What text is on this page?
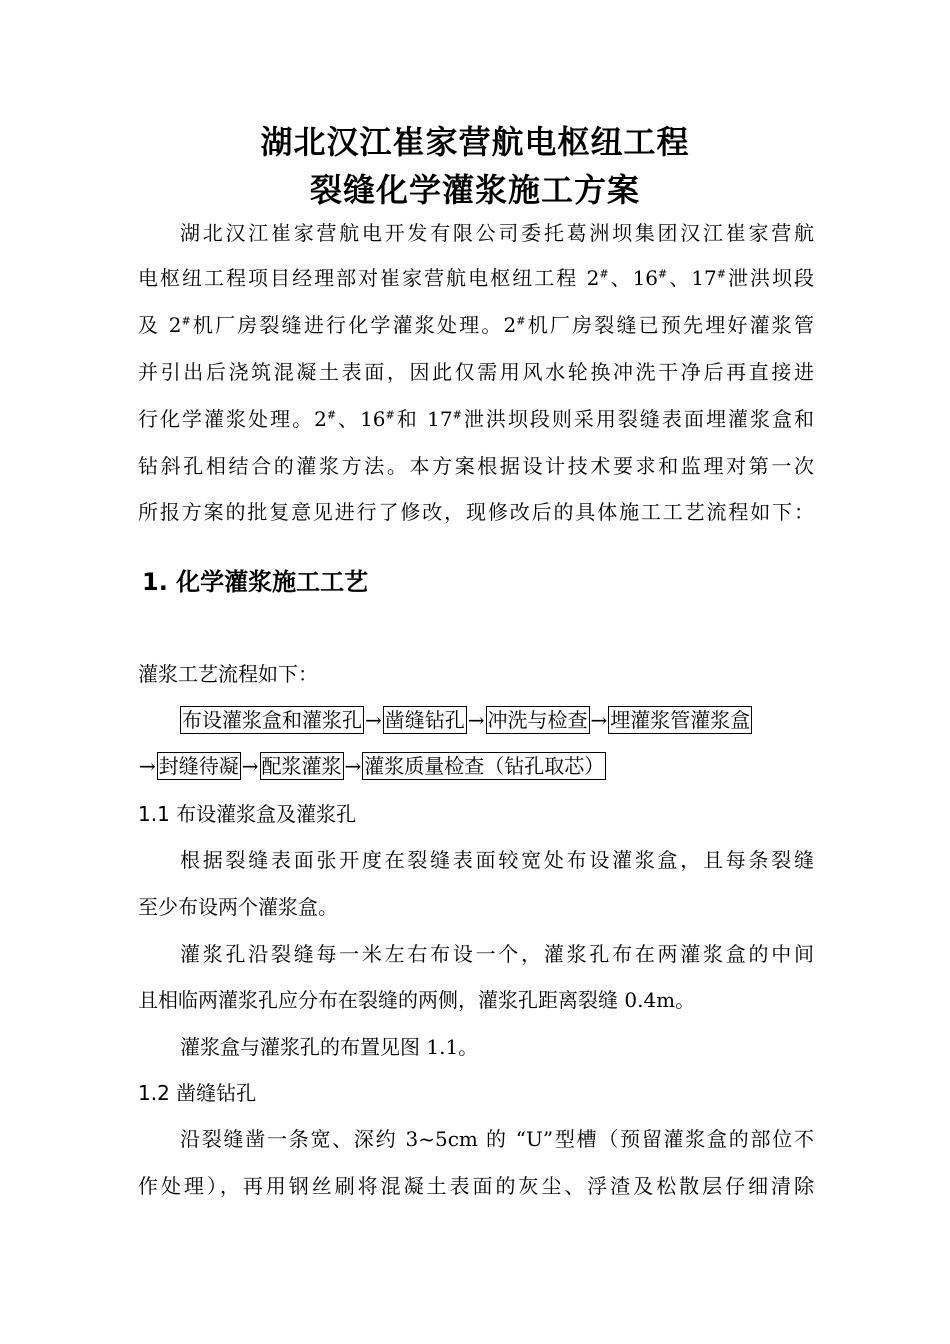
湖北汉江崔家营航电枢纽工程
裂缝化学灌浆施工方案
湖北汉江崔家营航电开发有限公司委托葛洲坝集团汉江崔家营航
电枢纽工程项目经理部对崔家营航电枢纽工程 2#、16#、17#泄洪坝段
及 2#机厂房裂缝进行化学灌浆处理。2#机厂房裂缝已预先埋好灌浆管
并引出后浇筑混凝土表面，因此仅需用风水轮换冲洗干净后再直接进
行化学灌浆处理。2#、16#和 17#泄洪坝段则采用裂缝表面埋灌浆盒和
钻斜孔相结合的灌浆方法。本方案根据设计技术要求和监理对第一次
所报方案的批复意见进行了修改，现修改后的具体施工工艺流程如下：
1. 化学灌浆施工工艺
灌浆工艺流程如下：
布设灌浆盒和灌浆孔 → 凿缝钻孔 → 冲洗与检查 → 埋灌浆管灌浆盒
→ 封缝待凝 → 配浆灌浆 → 灌浆质量检查（钻孔取芯）
1.1 布设灌浆盒及灌浆孔
根据裂缝表面张开度在裂缝表面较宽处布设灌浆盒，且每条裂缝
至少布设两个灌浆盒。
灌浆孔沿裂缝每一米左右布设一个，灌浆孔布在两灌浆盒的中间
且相临两灌浆孔应分布在裂缝的两侧，灌浆孔距离裂缝 0.4m。
灌浆盒与灌浆孔的布置见图 1.1。
1.2 凿缝钻孔
沿裂缝凿一条宽、深约 3~5cm 的 “U”型槽（预留灌浆盒的部位不
作处理），再用钢丝刷将混凝土表面的灰尘、浮渣及松散层仔细清除
